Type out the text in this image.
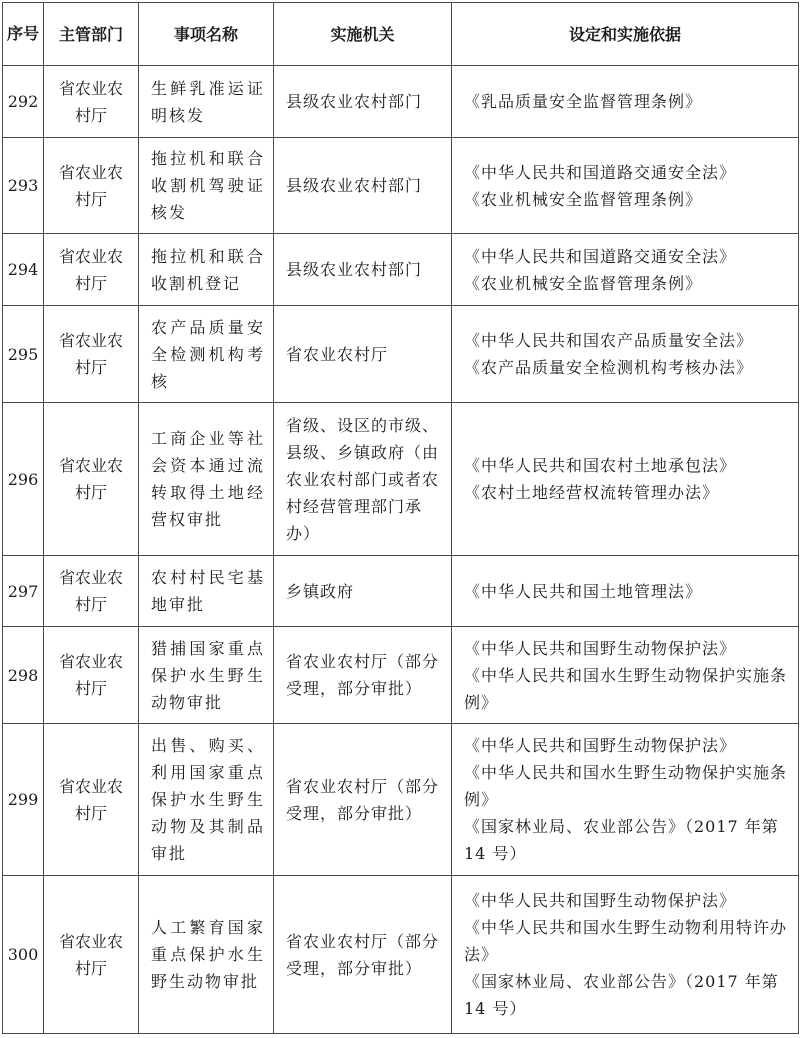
序号	主管部门	事项名称	实施机关	设定和实施依据
292	省农业农村厅	生鲜乳准运证明核发	县级农业农村部门	《乳品质量安全监督管理条例》

293	省农业农村厅	拖拉机和联合收割机驾驶证核发	县级农业农村部门	《中华人民共和国道路交通安全法》
《农业机械安全监督管理条例》

294	省农业农村厅	拖拉机和联合收割机登记	县级农业农村部门	《中华人民共和国道路交通安全法》
《农业机械安全监督管理条例》

295	省农业农村厅	农产品质量安全检测机构考核	省农业农村厅	《中华人民共和国农产品质量安全法》
《农产品质量安全检测机构考核办法》

296	省农业农村厅	工商企业等社会资本通过流转取得土地经营权审批	省级、设区的市级、县级、乡镇政府（由农业农村部门或者农村经营管理部门承办）	《中华人民共和国农村土地承包法》
《农村土地经营权流转管理办法》

297	省农业农村厅	农村村民宅基地审批	乡镇政府	《中华人民共和国土地管理法》

298	省农业农村厅	猎捕国家重点保护水生野生动物审批	省农业农村厅（部分受理，部分审批）	《中华人民共和国野生动物保护法》
《中华人民共和国水生野生动物保护实施条例》

299	省农业农村厅	出售、购买、利用国家重点保护水生野生动物及其制品审批	省农业农村厅（部分受理，部分审批）	《中华人民共和国野生动物保护法》
《中华人民共和国水生野生动物保护实施条例》
《国家林业局、农业部公告》（2017 年第 14 号）

300	省农业农村厅	人工繁育国家重点保护水生野生动物审批	省农业农村厅（部分受理，部分审批）	《中华人民共和国野生动物保护法》
《中华人民共和国水生野生动物利用特许办法》
《国家林业局、农业部公告》（2017 年第 14 号）
